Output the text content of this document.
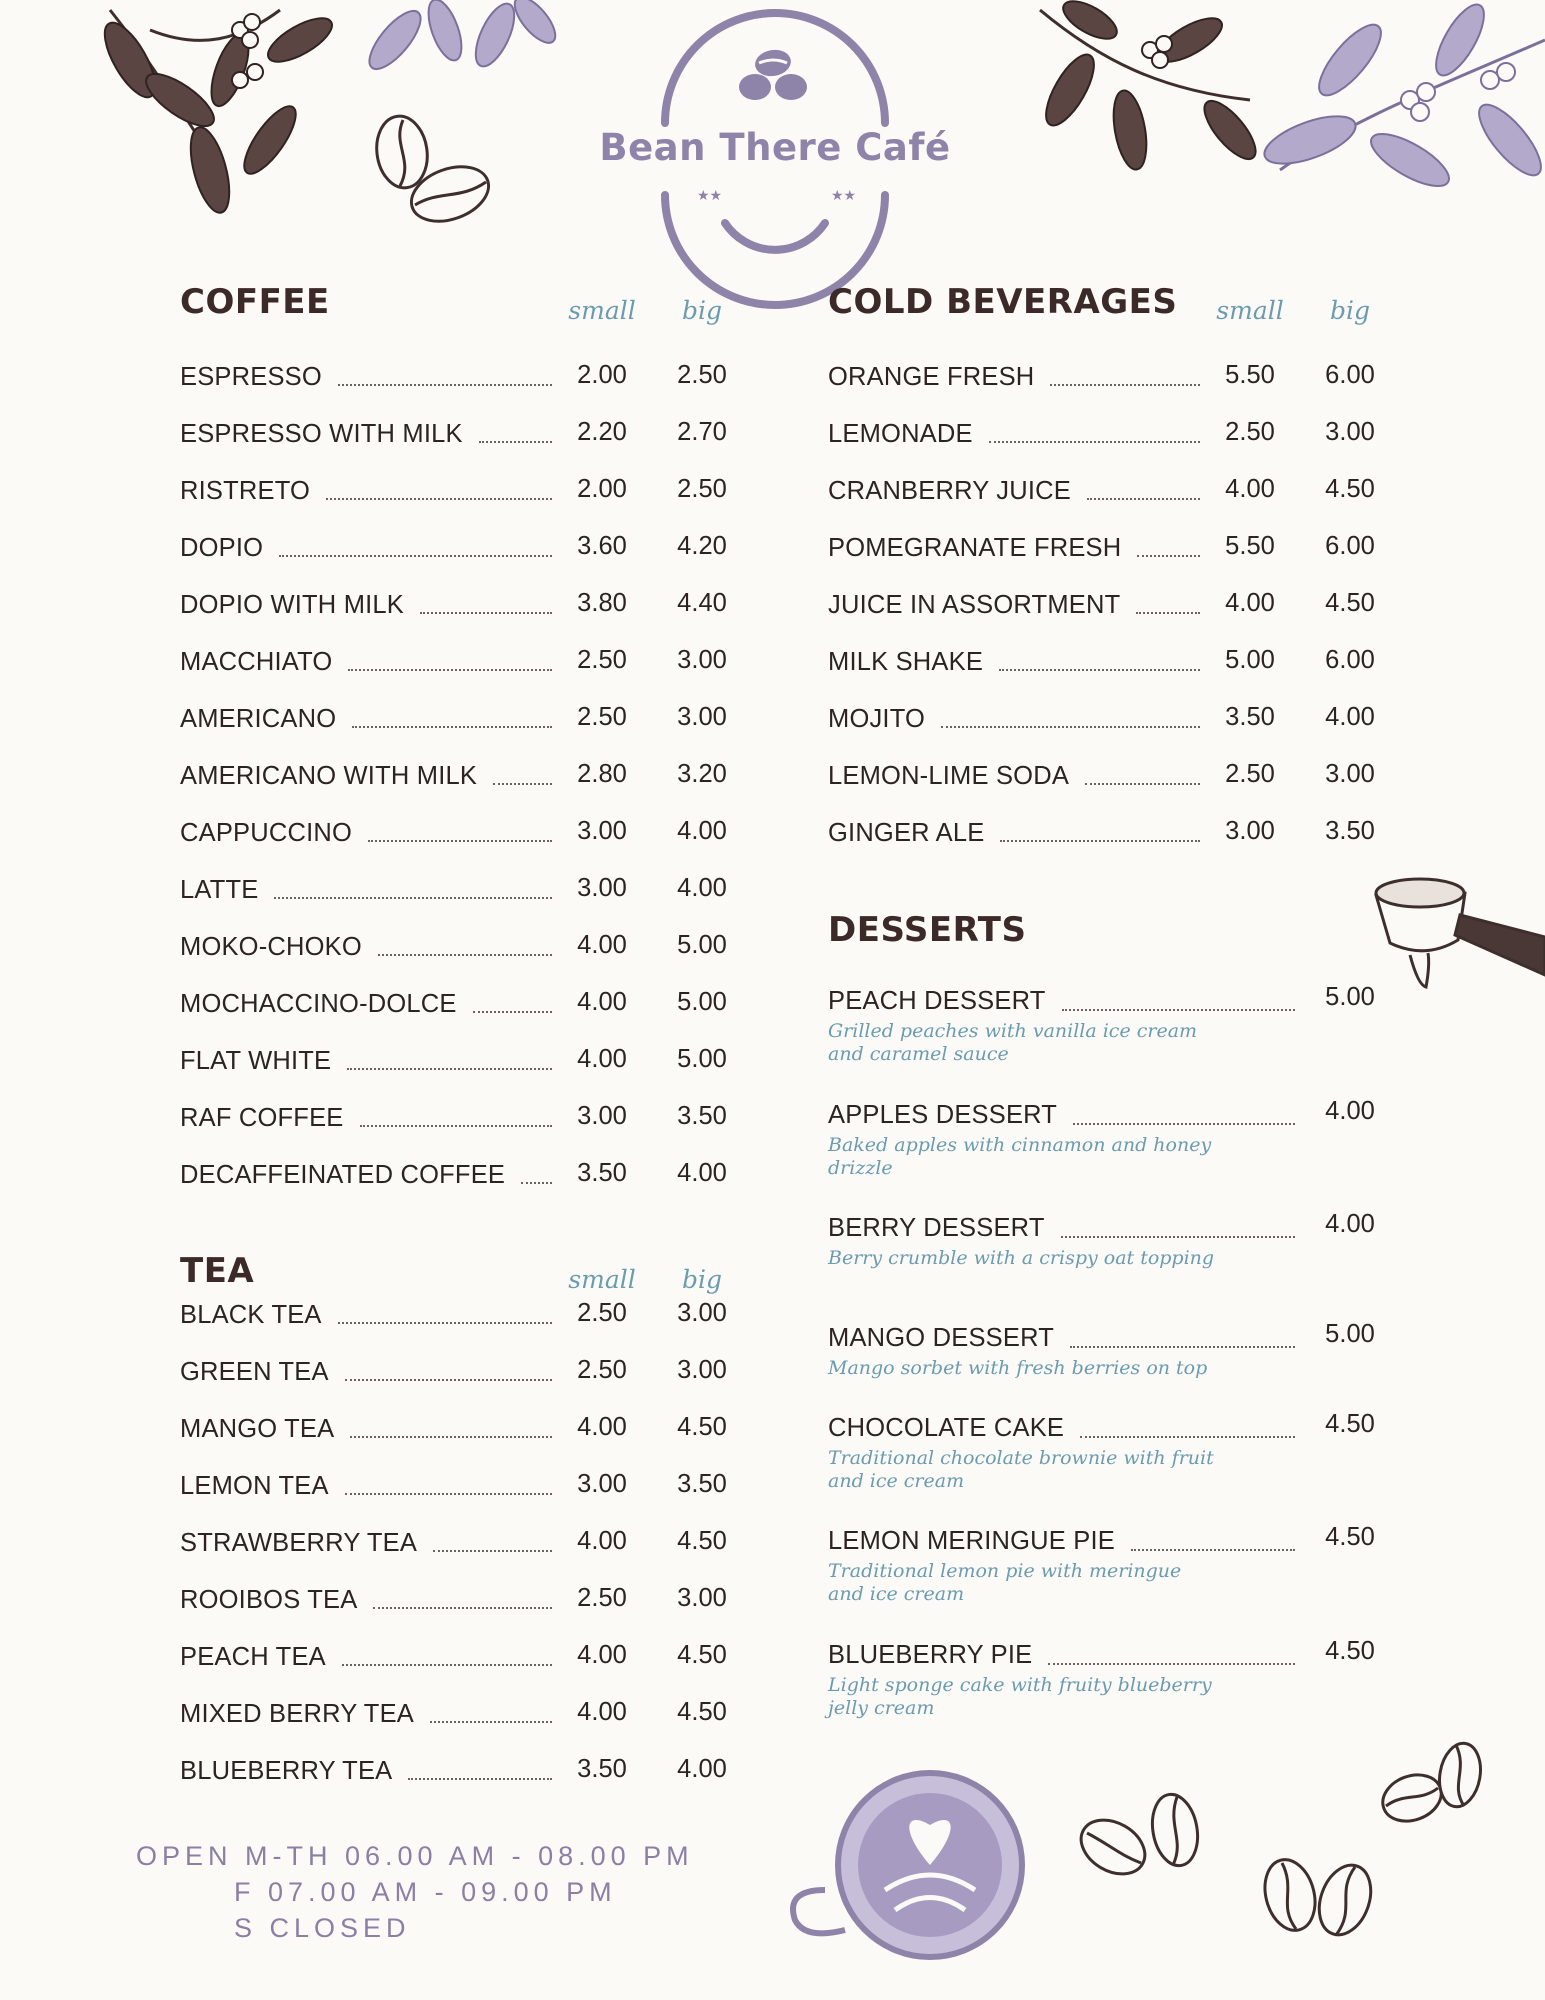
★★	★★
Bean There Café
COFFEE	small	big
ESPRESSO	2.00	2.50
ESPRESSO WITH MILK	2.20	2.70
RISTRETO	2.00	2.50
DOPIO	3.60	4.20
DOPIO WITH MILK	3.80	4.40
MACCHIATO	2.50	3.00
AMERICANO	2.50	3.00
AMERICANO WITH MILK	2.80	3.20
CAPPUCCINO	3.00	4.00
LATTE	3.00	4.00
MOKO-CHOKO	4.00	5.00
MOCHACCINO-DOLCE	4.00	5.00
FLAT WHITE	4.00	5.00
RAF COFFEE	3.00	3.50
DECAFFEINATED COFFEE	3.50	4.00
TEA	small	big
BLACK TEA	2.50	3.00
GREEN TEA	2.50	3.00
MANGO TEA	4.00	4.50
LEMON TEA	3.00	3.50
STRAWBERRY TEA	4.00	4.50
ROOIBOS TEA	2.50	3.00
PEACH TEA	4.00	4.50
MIXED BERRY TEA	4.00	4.50
BLUEBERRY TEA	3.50	4.00
COLD BEVERAGES	small	big
ORANGE FRESH	5.50	6.00
LEMONADE	2.50	3.00
CRANBERRY JUICE	4.00	4.50
POMEGRANATE FRESH	5.50	6.00
JUICE IN ASSORTMENT	4.00	4.50
MILK SHAKE	5.00	6.00
MOJITO	3.50	4.00
LEMON-LIME SODA	2.50	3.00
GINGER ALE	3.00	3.50
DESSERTS
PEACH DESSERT	5.00
Grilled peaches with vanilla ice cream and caramel sauce
APPLES DESSERT	4.00
Baked apples with cinnamon and honey drizzle
BERRY DESSERT	4.00
Berry crumble with a crispy oat topping
MANGO DESSERT	5.00
Mango sorbet with fresh berries on top
CHOCOLATE CAKE	4.50
Traditional chocolate brownie with fruit and ice cream
LEMON MERINGUE PIE	4.50
Traditional lemon pie with meringue and ice cream
BLUEBERRY PIE	4.50
Light sponge cake with fruity blueberry jelly cream
OPEN M-TH 06.00 AM - 08.00 PM
F 07.00 AM - 09.00 PM
S CLOSED
